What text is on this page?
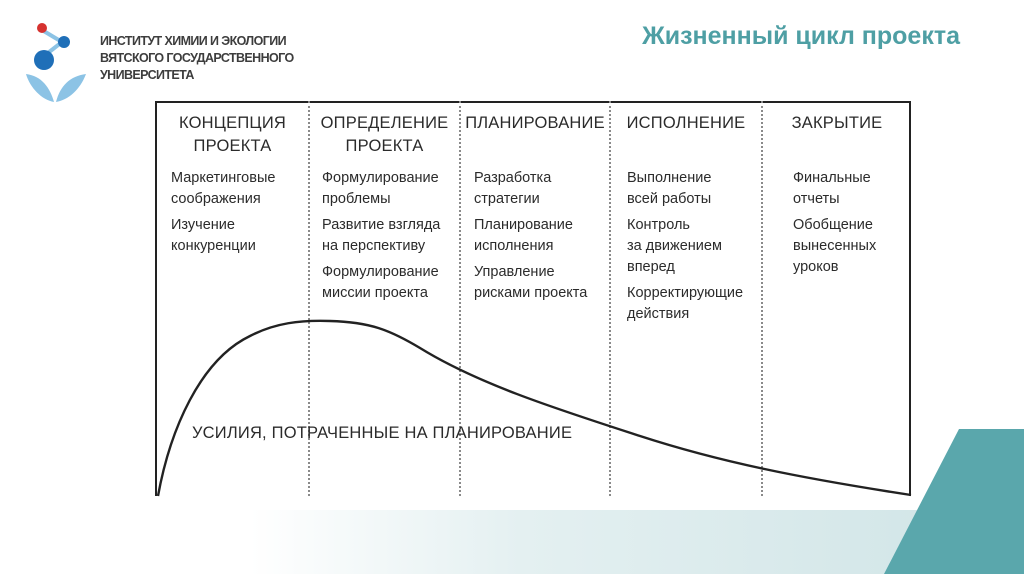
ИНСТИТУТ ХИМИИ И ЭКОЛОГИИ
ВЯТСКОГО ГОСУДАРСТВЕННОГО
УНИВЕРСИТЕТА
Жизненный цикл проекта
КОНЦЕПЦИЯ
ПРОЕКТА
ОПРЕДЕЛЕНИЕ
ПРОЕКТА
ПЛАНИРОВАНИЕ	ИСПОЛНЕНИЕ	ЗАКРЫТИЕ
Маркетинговые
соображения
Изучение
конкуренции
Формулирование
проблемы
Развитие взгляда
на перспективу
Формулирование
миссии проекта
Разработка
стратегии
Планирование
исполнения
Управление
рисками проекта
Выполнение
всей работы
Контроль
за движением
вперед
Корректирующие
действия
Финальные
отчеты
Обобщение
вынесенных
уроков
УСИЛИЯ, ПОТРАЧЕННЫЕ НА ПЛАНИРОВАНИЕ
